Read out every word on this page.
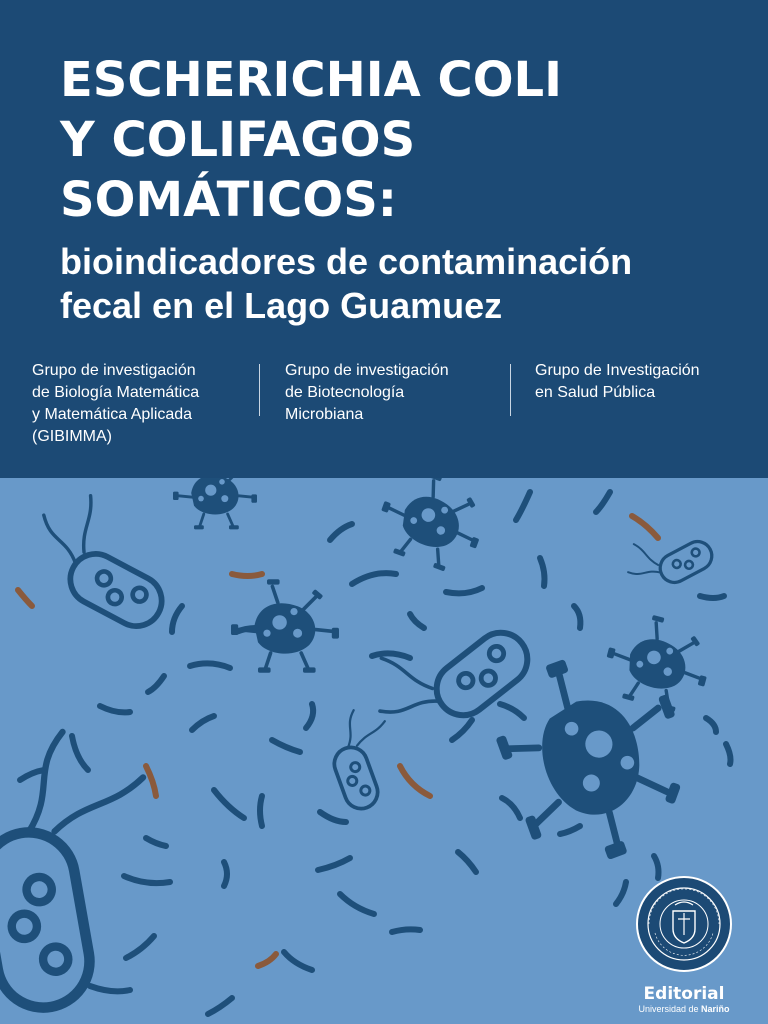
ESCHERICHIA COLI
Y COLIFAGOS
SOMÁTICOS:
bioindicadores de contaminación
fecal en el Lago Guamuez
Grupo de investigación
de Biología Matemática
y Matemática Aplicada
(GIBIMMA)
Grupo de investigación
de Biotecnología
Microbiana
Grupo de Investigación
en Salud Pública
Editorial
Universidad de Nariño
